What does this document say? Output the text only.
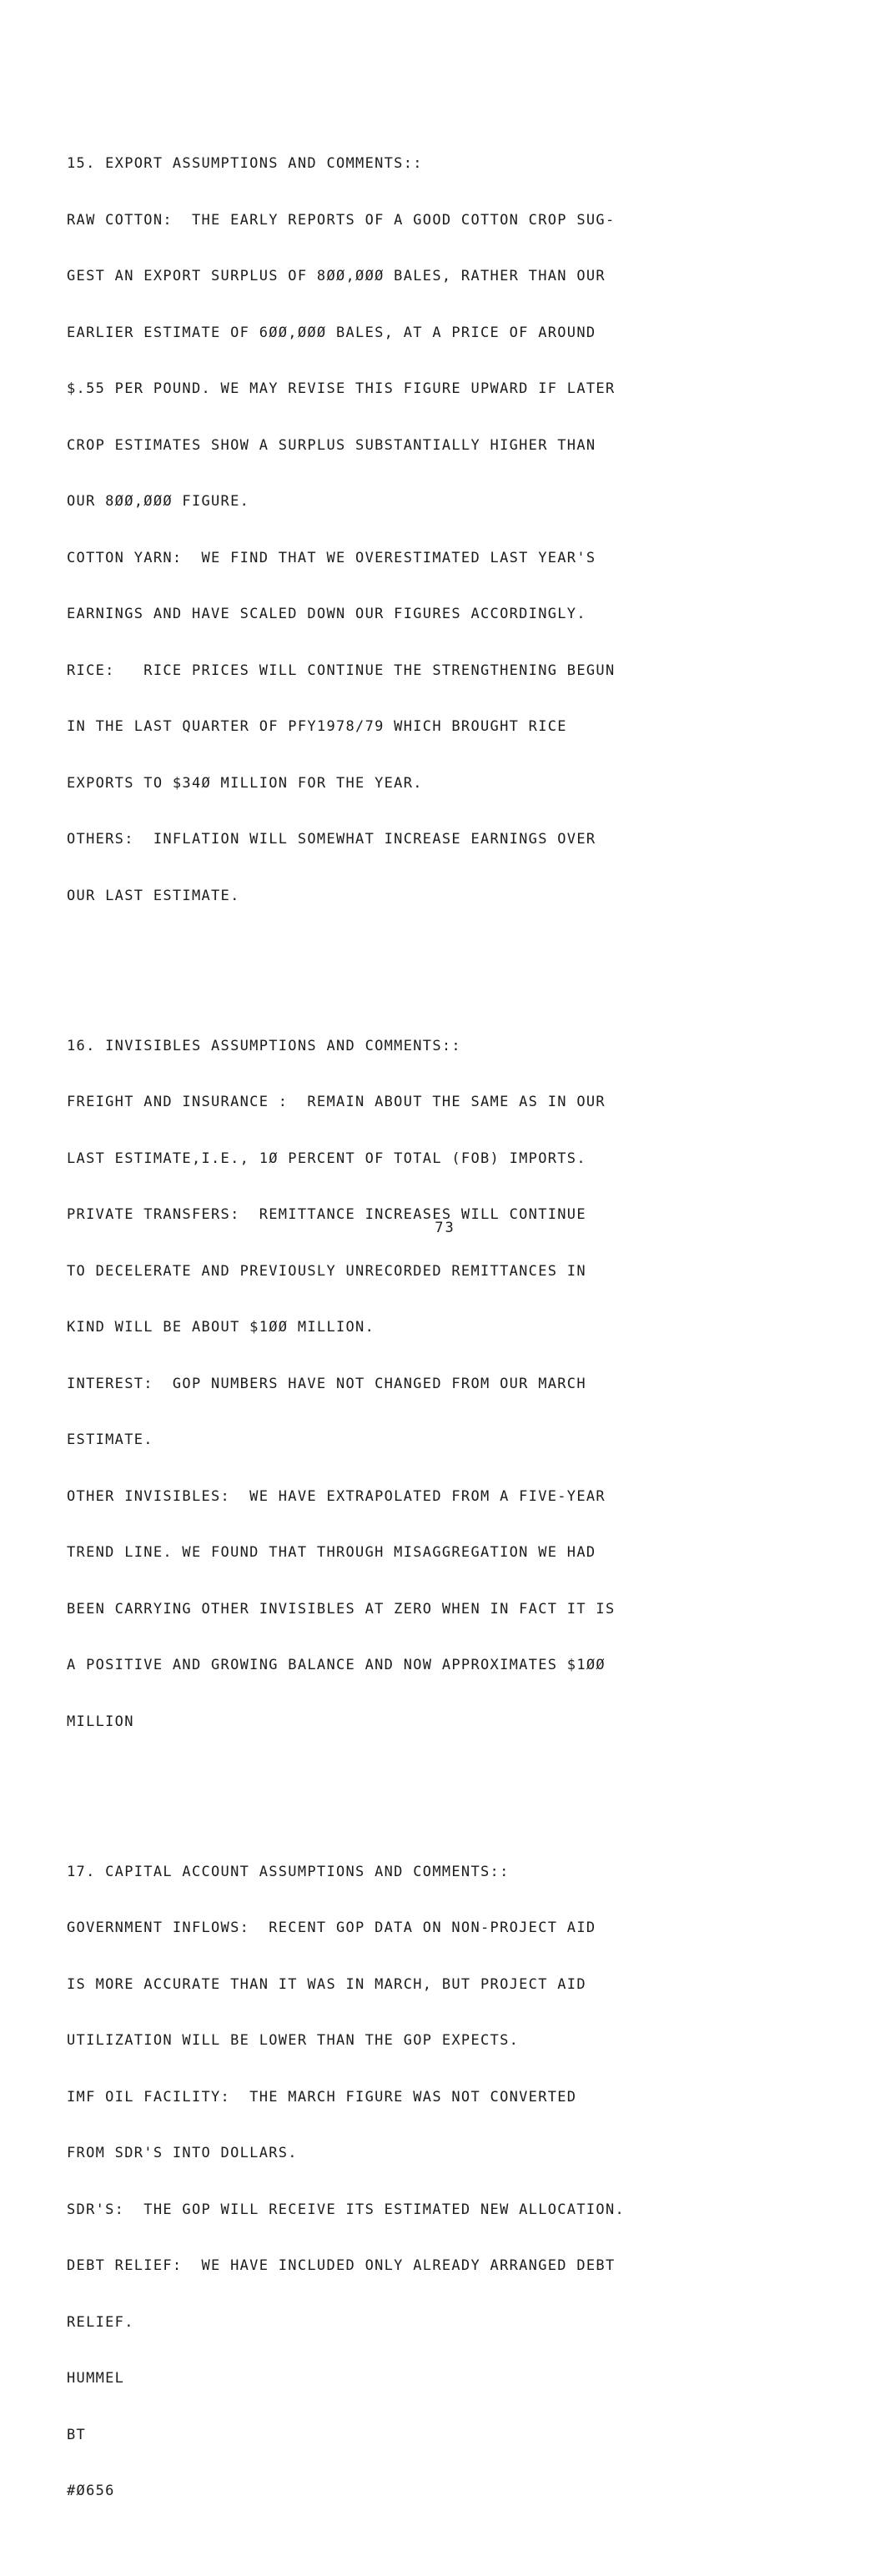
15. EXPORT ASSUMPTIONS AND COMMENTS::

RAW COTTON:  THE EARLY REPORTS OF A GOOD COTTON CROP SUG-

GEST AN EXPORT SURPLUS OF 8ØØ,ØØØ BALES, RATHER THAN OUR

EARLIER ESTIMATE OF 6ØØ,ØØØ BALES, AT A PRICE OF AROUND

$.55 PER POUND. WE MAY REVISE THIS FIGURE UPWARD IF LATER

CROP ESTIMATES SHOW A SURPLUS SUBSTANTIALLY HIGHER THAN

OUR 8ØØ,ØØØ FIGURE.

COTTON YARN:  WE FIND THAT WE OVERESTIMATED LAST YEAR'S

EARNINGS AND HAVE SCALED DOWN OUR FIGURES ACCORDINGLY.

RICE:   RICE PRICES WILL CONTINUE THE STRENGTHENING BEGUN

IN THE LAST QUARTER OF PFY1978/79 WHICH BROUGHT RICE

EXPORTS TO $34Ø MILLION FOR THE YEAR.

OTHERS:  INFLATION WILL SOMEWHAT INCREASE EARNINGS OVER

OUR LAST ESTIMATE.

16. INVISIBLES ASSUMPTIONS AND COMMENTS::

FREIGHT AND INSURANCE :  REMAIN ABOUT THE SAME AS IN OUR

LAST ESTIMATE,I.E., 1Ø PERCENT OF TOTAL (FOB) IMPORTS.

PRIVATE TRANSFERS:  REMITTANCE INCREASES WILL CONTINUE

TO DECELERATE AND PREVIOUSLY UNRECORDED REMITTANCES IN

KIND WILL BE ABOUT $1ØØ MILLION.

INTEREST:  GOP NUMBERS HAVE NOT CHANGED FROM OUR MARCH

ESTIMATE.

OTHER INVISIBLES:  WE HAVE EXTRAPOLATED FROM A FIVE-YEAR

TREND LINE. WE FOUND THAT THROUGH MISAGGREGATION WE HAD

BEEN CARRYING OTHER INVISIBLES AT ZERO WHEN IN FACT IT IS

A POSITIVE AND GROWING BALANCE AND NOW APPROXIMATES $1ØØ

MILLION

17. CAPITAL ACCOUNT ASSUMPTIONS AND COMMENTS::

GOVERNMENT INFLOWS:  RECENT GOP DATA ON NON-PROJECT AID

IS MORE ACCURATE THAN IT WAS IN MARCH, BUT PROJECT AID

UTILIZATION WILL BE LOWER THAN THE GOP EXPECTS.

IMF OIL FACILITY:  THE MARCH FIGURE WAS NOT CONVERTED

FROM SDR'S INTO DOLLARS.

SDR'S:  THE GOP WILL RECEIVE ITS ESTIMATED NEW ALLOCATION.

DEBT RELIEF:  WE HAVE INCLUDED ONLY ALREADY ARRANGED DEBT

RELIEF.

HUMMEL

BT

#Ø656

73
